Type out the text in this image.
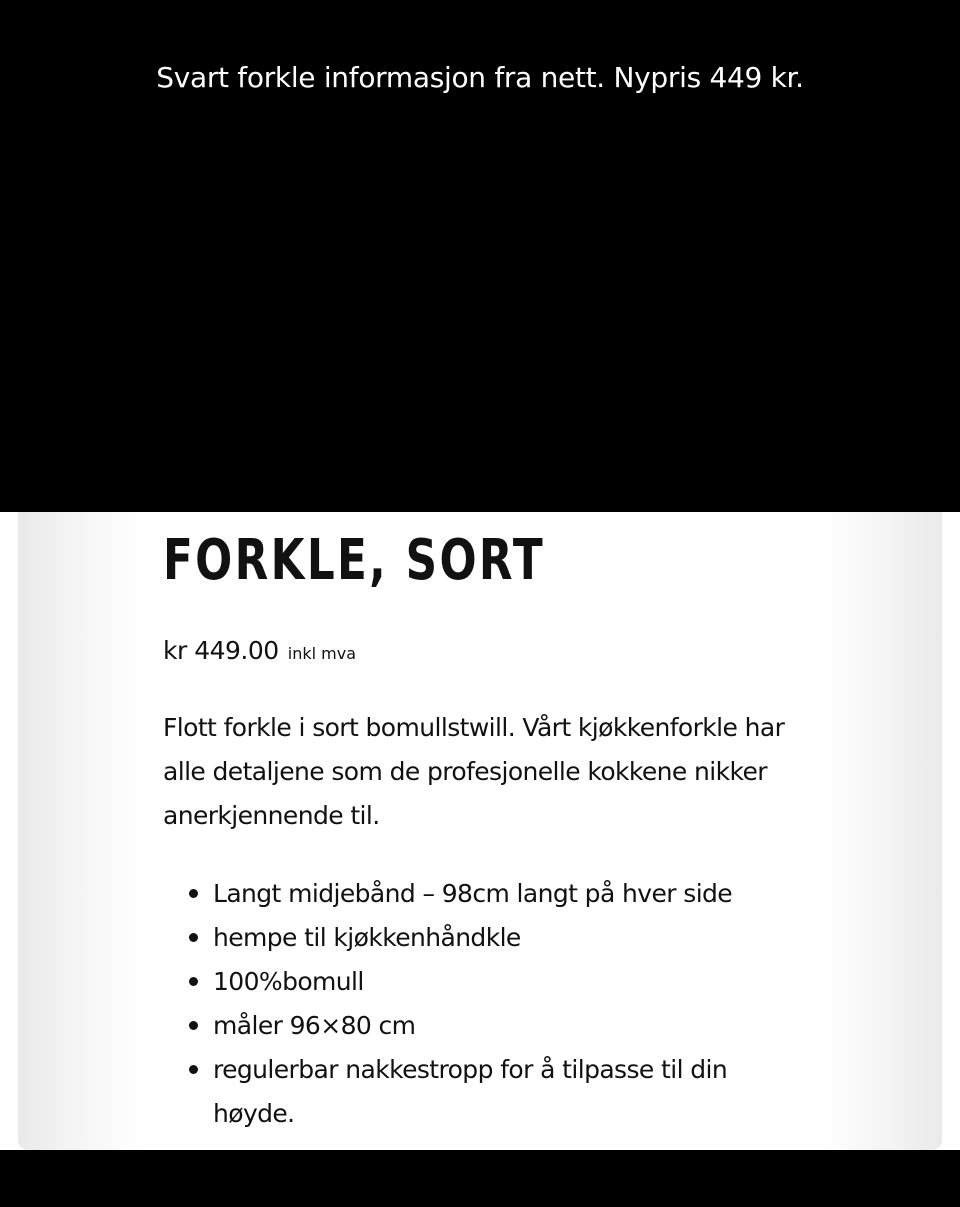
Svart forkle informasjon fra nett. Nypris 449 kr.
FORKLE, SORT
kr 449.00 inkl mva

Flott forkle i sort bomullstwill. Vårt kjøkkenforkle har alle detaljene som de profesjonelle kokkene nikker anerkjennende til.

Langt midjebånd – 98cm langt på hver side
hempe til kjøkkenhåndkle
100%bomull
måler 96×80 cm
regulerbar nakkestropp for å tilpasse til din høyde.
